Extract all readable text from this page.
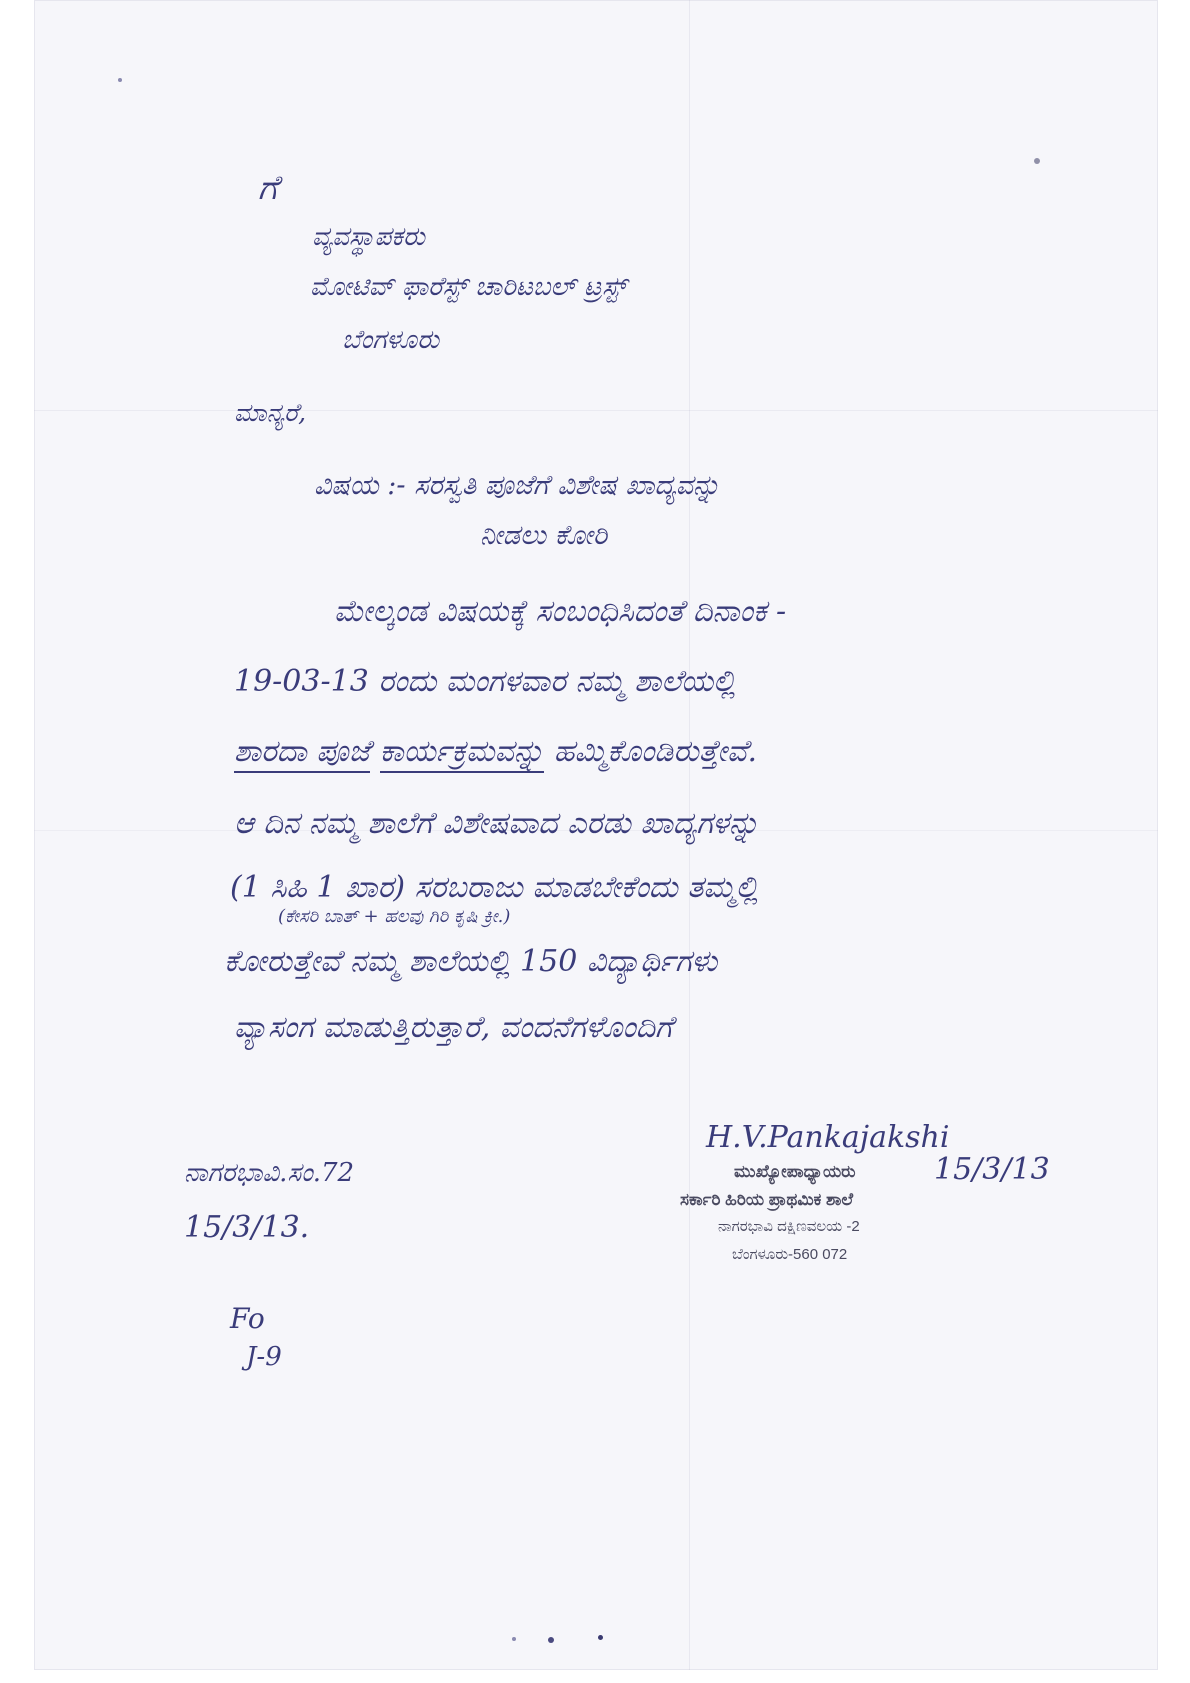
ಗೆ
ವ್ಯವಸ್ಥಾಪಕರು
ಮೋಟಿವ್ ಫಾರೆಸ್ಟ್ ಚಾರಿಟಬಲ್ ಟ್ರಸ್ಟ್
ಬೆಂಗಳೂರು
ಮಾನ್ಯರೆ,
ವಿಷಯ :- ಸರಸ್ವತಿ ಪೂಜೆಗೆ ವಿಶೇಷ ಖಾದ್ಯವನ್ನು
ನೀಡಲು ಕೋರಿ
ಮೇಲ್ಕಂಡ ವಿಷಯಕ್ಕೆ ಸಂಬಂಧಿಸಿದಂತೆ ದಿನಾಂಕ -
19-03-13 ರಂದು ಮಂಗಳವಾರ ನಮ್ಮ ಶಾಲೆಯಲ್ಲಿ
ಶಾರದಾ ಪೂಜೆ ಕಾರ್ಯಕ್ರಮವನ್ನು ಹಮ್ಮಿಕೊಂಡಿರುತ್ತೇವೆ.
ಆ ದಿನ ನಮ್ಮ ಶಾಲೆಗೆ ವಿಶೇಷವಾದ ಎರಡು ಖಾದ್ಯಗಳನ್ನು
(1 ಸಿಹಿ 1 ಖಾರ) ಸರಬರಾಜು ಮಾಡಬೇಕೆಂದು ತಮ್ಮಲ್ಲಿ
(ಕೇಸರಿ ಬಾತ್ + ಹಲವು ಗಿರಿ ಕೃಷಿ ಕ್ರೀ.)
ಕೋರುತ್ತೇವೆ ನಮ್ಮ ಶಾಲೆಯಲ್ಲಿ 150 ವಿದ್ಯಾರ್ಥಿಗಳು
ವ್ಯಾಸಂಗ ಮಾಡುತ್ತಿರುತ್ತಾರೆ, ವಂದನೆಗಳೊಂದಿಗೆ
H.V.Pankajakshi
ಮುಖ್ಯೋಪಾಧ್ಯಾಯರು	15/3/13
ಸರ್ಕಾರಿ ಹಿರಿಯ ಪ್ರಾಥಮಿಕ ಶಾಲೆ
ನಾಗರಭಾವಿ ದಕ್ಷಿಣವಲಯ -2
ಬೆಂಗಳೂರು-560 072
ನಾಗರಭಾವಿ.ಸಂ.72
15/3/13.
Fo
J-9
